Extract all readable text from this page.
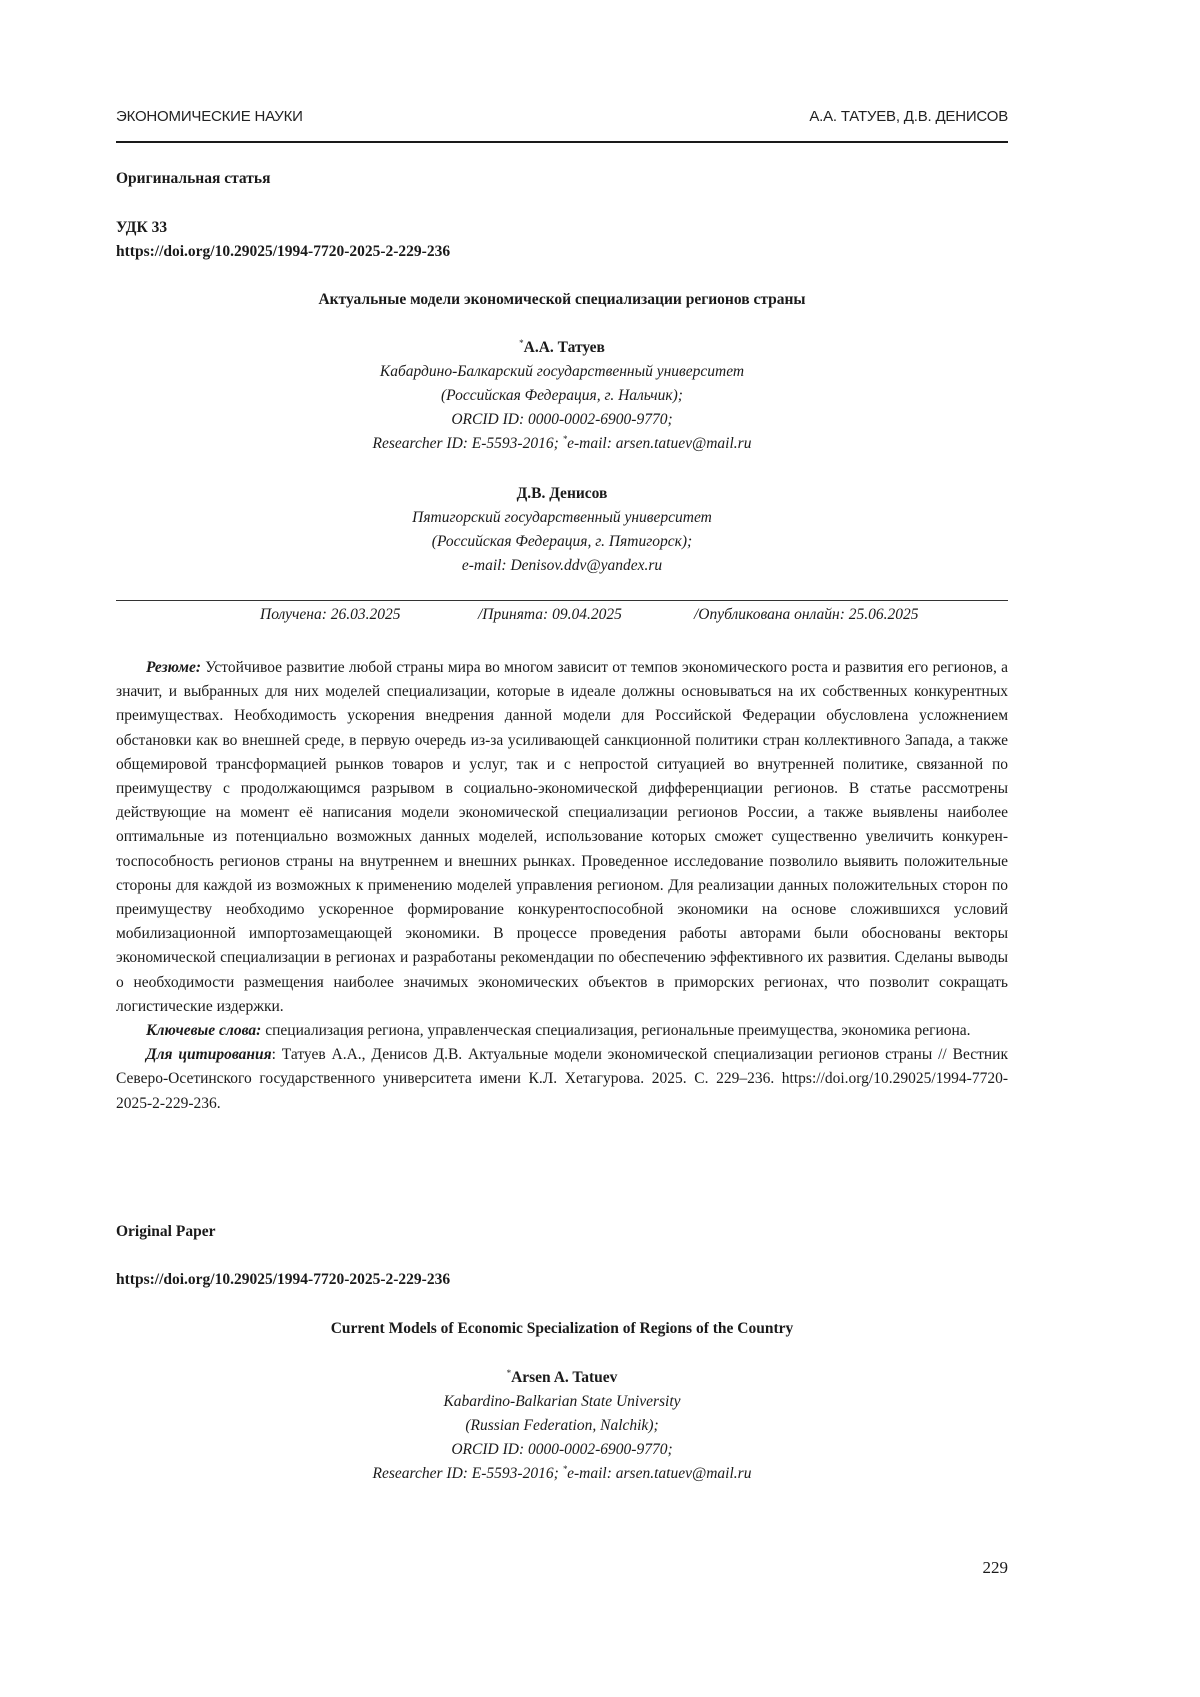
ЭКОНОМИЧЕСКИЕ НАУКИ	А.А. ТАТУЕВ, Д.В. ДЕНИСОВ
Оригинальная статья
УДК 33
https://doi.org/10.29025/1994-7720-2025-2-229-236
Актуальные модели экономической специализации регионов страны
*А.А. Татуев
Кабардино-Балкарский государственный университет
(Российская Федерация, г. Нальчик);
ORCID ID: 0000-0002-6900-9770;
Researcher ID: E-5593-2016; *e-mail: arsen.tatuev@mail.ru
Д.В. Денисов
Пятигорский государственный университет
(Российская Федерация, г. Пятигорск);
e-mail: Denisov.ddv@yandex.ru
Получена: 26.03.2025	/Принята: 09.04.2025	/Опубликована онлайн: 25.06.2025

Резюме: Устойчивое развитие любой страны мира во многом зависит от темпов экономического роста и развития его регионов, а значит, и выбранных для них моделей специализации, которые в идеале должны основываться на их собственных конкурентных преимуществах. Необходимость ускорения внедрения данной модели для Российской Федерации обусловлена усложнением обстановки как во внешней среде, в первую очередь из-за усиливающей санкционной политики стран коллективного Запада, а также общемировой трансформацией рынков товаров и услуг, так и с непростой ситуацией во внутренней политике, связанной по преимуществу с продолжающимся разрывом в социально-экономической дифференциации регионов. В статье рассмотрены действующие на момент её написания модели экономической специализации регионов России, а также выявлены наиболее оптимальные из потенциально возможных данных моделей, использование которых сможет существенно увеличить конкурентоспособность регионов страны на внутреннем и внешних рынках. Проведенное исследование позволило выявить положительные стороны для каждой из возможных к применению моделей управления регионом. Для реализации данных положительных сторон по преимуществу необходимо ускоренное формирование конкурентоспособной экономики на основе сложившихся условий мобилизационной импортозамещающей экономики. В процессе проведения работы авторами были обоснованы векторы экономической специализации в регионах и разработаны рекомендации по обеспечению эффективного их развития. Сделаны выводы о необходимости размещения наиболее значимых экономических объектов в приморских регионах, что позволит сокращать логистические издержки.

Ключевые слова: специализация региона, управленческая специализация, региональные преимущества, экономика региона.

Для цитирования: Татуев А.А., Денисов Д.В. Актуальные модели экономической специализации регионов страны // Вестник Северо-Осетинского государственного университета имени К.Л. Хетагурова. 2025. С. 229–236. https://doi.org/10.29025/1994-7720-2025-2-229-236.

Original Paper
https://doi.org/10.29025/1994-7720-2025-2-229-236
Current Models of Economic Specialization of Regions of the Country
*Arsen A. Tatuev
Kabardino-Balkarian State University
(Russian Federation, Nalchik);
ORCID ID: 0000-0002-6900-9770;
Researcher ID: E-5593-2016; *e-mail: arsen.tatuev@mail.ru
229
